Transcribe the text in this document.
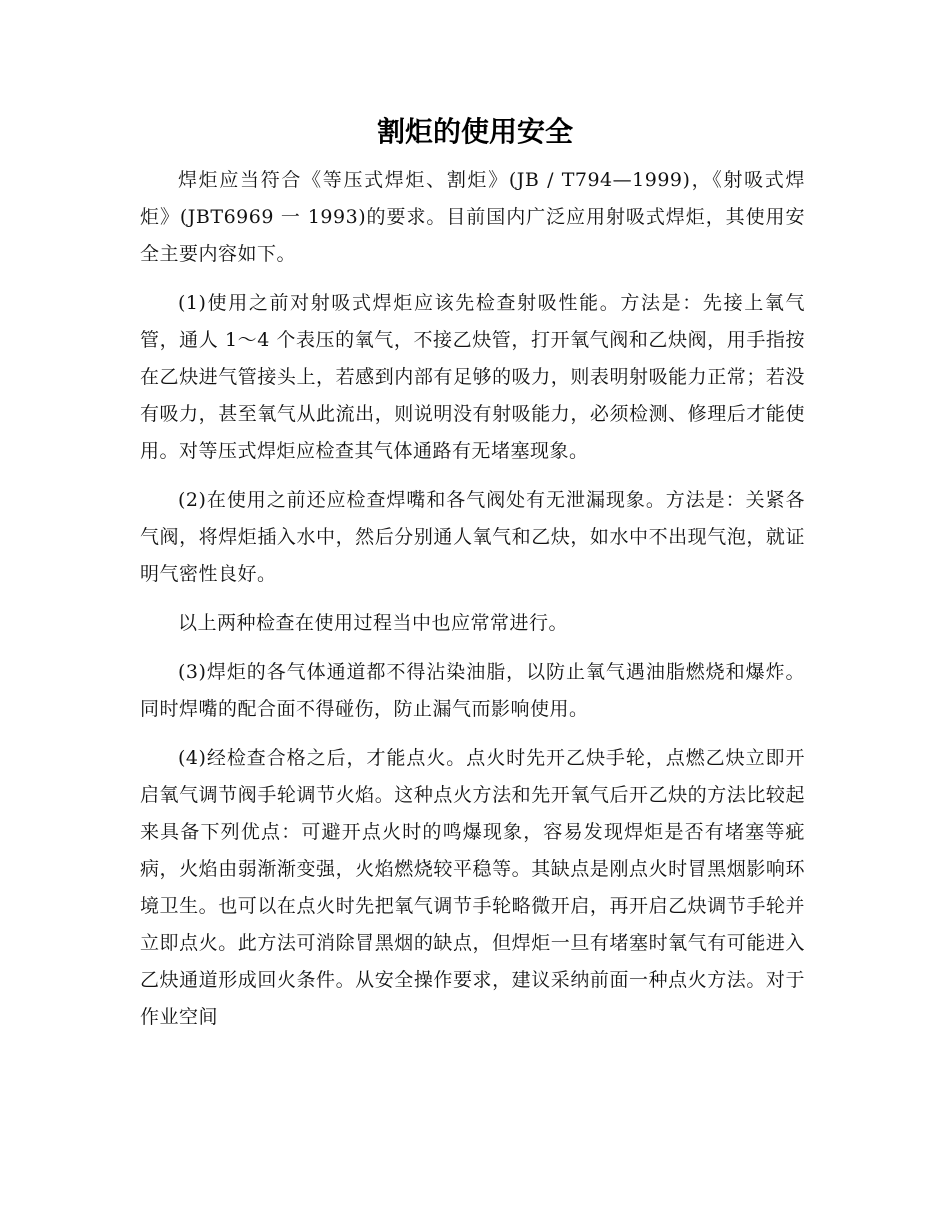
割炬的使用安全

焊炬应当符合《等压式焊炬、割炬》(JB / T794—1999)，《射吸式焊炬》(JBT6969 一 1993)的要求。目前国内广泛应用射吸式焊炬，其使用安全主要内容如下。

(1)使用之前对射吸式焊炬应该先检查射吸性能。方法是：先接上氧气管，通人 1～4 个表压的氧气，不接乙炔管，打开氧气阀和乙炔阀，用手指按在乙炔进气管接头上，若感到内部有足够的吸力，则表明射吸能力正常；若没有吸力，甚至氧气从此流出，则说明没有射吸能力，必须检测、修理后才能使用。对等压式焊炬应检查其气体通路有无堵塞现象。

(2)在使用之前还应检查焊嘴和各气阀处有无泄漏现象。方法是：关紧各气阀，将焊炬插入水中，然后分别通人氧气和乙炔，如水中不出现气泡，就证明气密性良好。

以上两种检查在使用过程当中也应常常进行。

(3)焊炬的各气体通道都不得沾染油脂，以防止氧气遇油脂燃烧和爆炸。同时焊嘴的配合面不得碰伤，防止漏气而影响使用。

(4)经检查合格之后，才能点火。点火时先开乙炔手轮，点燃乙炔立即开启氧气调节阀手轮调节火焰。这种点火方法和先开氧气后开乙炔的方法比较起来具备下列优点：可避开点火时的鸣爆现象，容易发现焊炬是否有堵塞等疵病，火焰由弱渐渐变强，火焰燃烧较平稳等。其缺点是刚点火时冒黑烟影响环境卫生。也可以在点火时先把氧气调节手轮略微开启，再开启乙炔调节手轮并立即点火。此方法可消除冒黑烟的缺点，但焊炬一旦有堵塞时氧气有可能进入乙炔通道形成回火条件。从安全操作要求，建议采纳前面一种点火方法。对于作业空间
